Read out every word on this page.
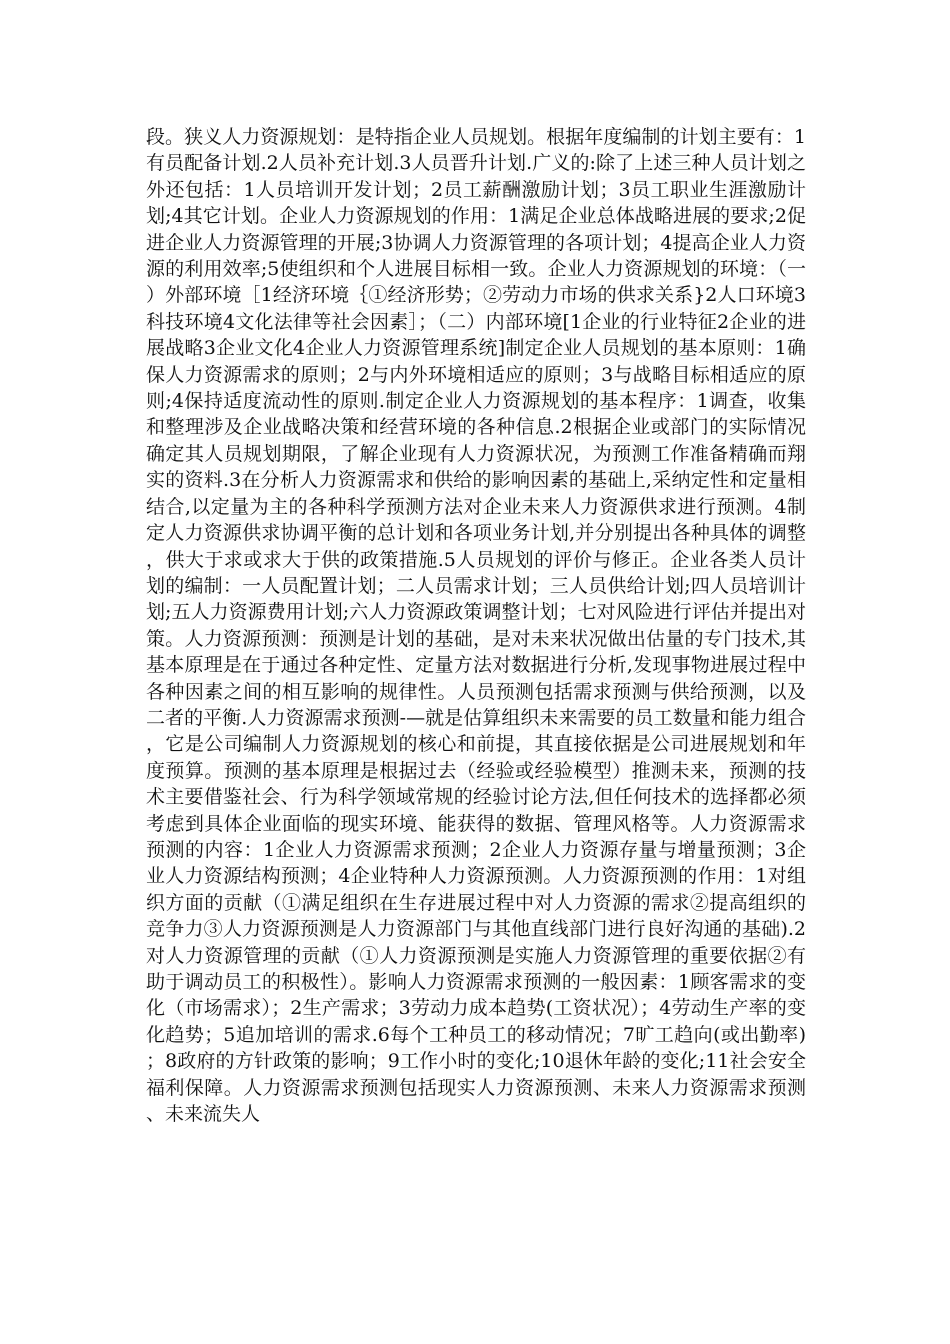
段。狭义人力资源规划：是特指企业人员规划。根据年度编制的计划主要有：1有员配备计划.2人员补充计划.3人员晋升计划.广义的:除了上述三种人员计划之外还包括：1人员培训开发计划；2员工薪酬激励计划；3员工职业生涯激励计划;4其它计划。企业人力资源规划的作用：1满足企业总体战略进展的要求;2促进企业人力资源管理的开展;3协调人力资源管理的各项计划；4提高企业人力资源的利用效率;5使组织和个人进展目标相一致。企业人力资源规划的环境：（一）外部环境［1经济环境｛①经济形势；②劳动力市场的供求关系}2人口环境3科技环境4文化法律等社会因素］；（二）内部环境[1企业的行业特征2企业的进展战略3企业文化4企业人力资源管理系统]制定企业人员规划的基本原则：1确保人力资源需求的原则；2与内外环境相适应的原则；3与战略目标相适应的原则;4保持适度流动性的原则.制定企业人力资源规划的基本程序：1调查，收集和整理涉及企业战略决策和经营环境的各种信息.2根据企业或部门的实际情况确定其人员规划期限，了解企业现有人力资源状况，为预测工作准备精确而翔实的资料.3在分析人力资源需求和供给的影响因素的基础上,采纳定性和定量相结合,以定量为主的各种科学预测方法对企业未来人力资源供求进行预测。4制定人力资源供求协调平衡的总计划和各项业务计划,并分别提出各种具体的调整，供大于求或求大于供的政策措施.5人员规划的评价与修正。企业各类人员计划的编制：一人员配置计划；二人员需求计划；三人员供给计划;四人员培训计划;五人力资源费用计划;六人力资源政策调整计划；七对风险进行评估并提出对策。人力资源预测：预测是计划的基础，是对未来状况做出估量的专门技术,其基本原理是在于通过各种定性、定量方法对数据进行分析,发现事物进展过程中各种因素之间的相互影响的规律性。人员预测包括需求预测与供给预测，以及二者的平衡.人力资源需求预测-—就是估算组织未来需要的员工数量和能力组合，它是公司编制人力资源规划的核心和前提，其直接依据是公司进展规划和年度预算。预测的基本原理是根据过去（经验或经验模型）推测未来，预测的技术主要借鉴社会、行为科学领域常规的经验讨论方法,但任何技术的选择都必须考虑到具体企业面临的现实环境、能获得的数据、管理风格等。人力资源需求预测的内容：1企业人力资源需求预测；2企业人力资源存量与增量预测；3企业人力资源结构预测；4企业特种人力资源预测。人力资源预测的作用：1对组织方面的贡献（①满足组织在生存进展过程中对人力资源的需求②提高组织的竞争力③人力资源预测是人力资源部门与其他直线部门进行良好沟通的基础).2对人力资源管理的贡献（①人力资源预测是实施人力资源管理的重要依据②有助于调动员工的积极性）。影响人力资源需求预测的一般因素：1顾客需求的变化（市场需求）；2生产需求；3劳动力成本趋势(工资状况）；4劳动生产率的变化趋势；5追加培训的需求.6每个工种员工的移动情况；7旷工趋向(或出勤率)；8政府的方针政策的影响；9工作小时的变化;10退休年龄的变化;11社会安全福利保障。人力资源需求预测包括现实人力资源预测、未来人力资源需求预测、未来流失人
